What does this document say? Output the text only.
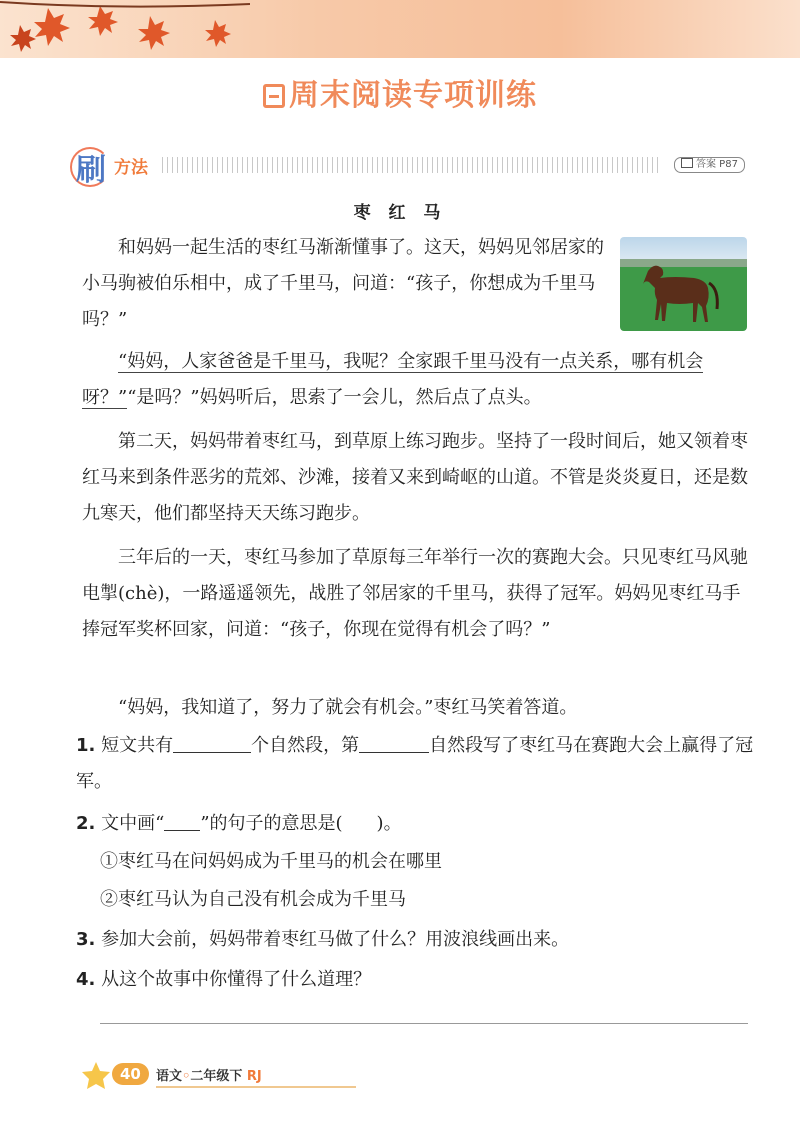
周末阅读专项训练
刷 方法	答案 P87
枣 红 马

和妈妈一起生活的枣红马渐渐懂事了。这天，妈妈见邻居家的小马驹被伯乐相中，成了千里马，问道：“孩子，你想成为千里马吗？”

“妈妈，人家爸爸是千里马，我呢？全家跟千里马没有一点关系，哪有机会呀？”“是吗？”妈妈听后，思索了一会儿，然后点了点头。

第二天，妈妈带着枣红马，到草原上练习跑步。坚持了一段时间后，她又领着枣红马来到条件恶劣的荒郊、沙滩，接着又来到崎岖的山道。不管是炎炎夏日，还是数九寒天，他们都坚持天天练习跑步。

三年后的一天，枣红马参加了草原每三年举行一次的赛跑大会。只见枣红马风驰电掣(chè)，一路遥遥领先，战胜了邻居家的千里马，获得了冠军。妈妈见枣红马手捧冠军奖杯回家，问道：“孩子，你现在觉得有机会了吗？”

“妈妈，我知道了，努力了就会有机会。”枣红马笑着答道。

1. 短文共有	个自然段，第	自然段写了枣红马在赛跑大会上赢得了冠军。

2. 文中画“ ”的句子的意思是( )。

①枣红马在问妈妈成为千里马的机会在哪里

②枣红马认为自己没有机会成为千里马

3. 参加大会前，妈妈带着枣红马做了什么？用波浪线画出来。

4. 从这个故事中你懂得了什么道理？

40	语文◦二年级下 RJ
